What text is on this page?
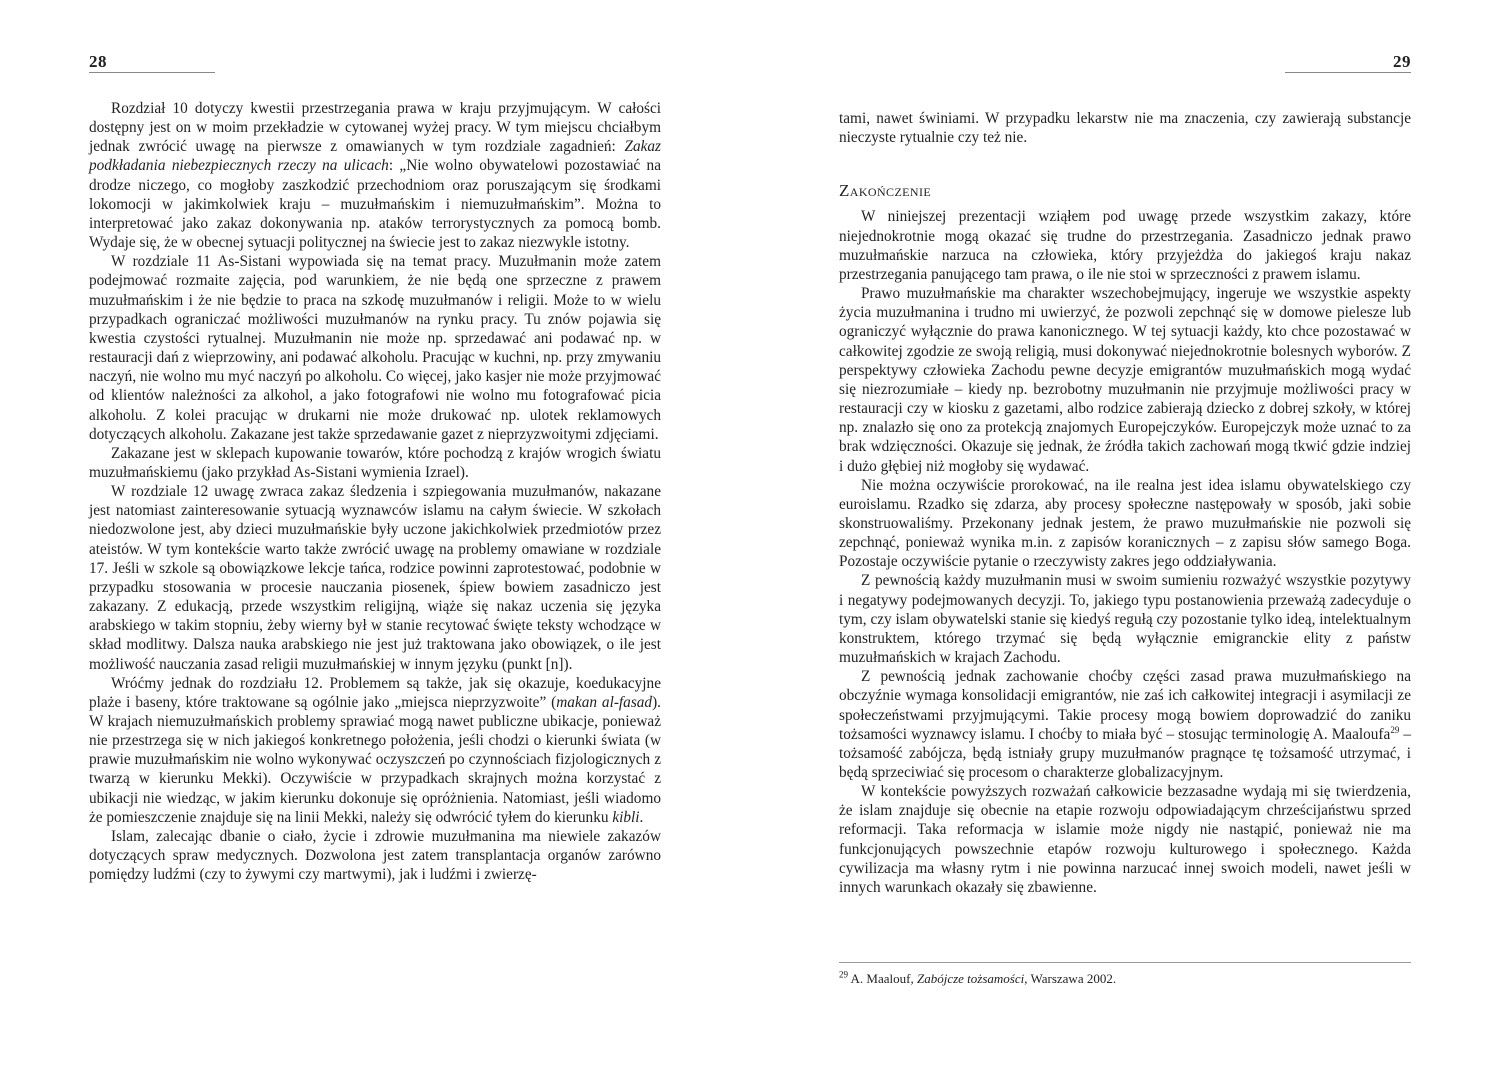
28

Rozdział 10 dotyczy kwestii przestrzegania prawa w kraju przyjmującym. W całości dostępny jest on w moim przekładzie w cytowanej wyżej pracy. W tym miejscu chciałbym jednak zwrócić uwagę na pierwsze z omawianych w tym rozdziale zagadnień: Zakaz podkładania niebezpiecznych rzeczy na ulicach: „Nie wolno obywatelowi pozostawiać na drodze niczego, co mogłoby zaszkodzić przechodniom oraz poruszającym się środkami lokomocji w jakimkolwiek kraju – muzułmańskim i niemuzułmańskim”. Można to interpretować jako zakaz dokonywania np. ataków terrorystycznych za pomocą bomb. Wydaje się, że w obecnej sytuacji politycznej na świecie jest to zakaz niezwykle istotny.

W rozdziale 11 As-Sistani wypowiada się na temat pracy. Muzułmanin może zatem podejmować rozmaite zajęcia, pod warunkiem, że nie będą one sprzeczne z prawem muzułmańskim i że nie będzie to praca na szkodę muzułmanów i religii. Może to w wielu przypadkach ograniczać możliwości muzułmanów na rynku pracy. Tu znów pojawia się kwestia czystości rytualnej. Muzułmanin nie może np. sprzedawać ani podawać np. w restauracji dań z wieprzowiny, ani podawać alkoholu. Pracując w kuchni, np. przy zmywaniu naczyń, nie wolno mu myć naczyń po alkoholu. Co więcej, jako kasjer nie może przyjmować od klientów należności za alkohol, a jako fotografowi nie wolno mu fotografować picia alkoholu. Z kolei pracując w drukarni nie może drukować np. ulotek reklamowych dotyczących alkoholu. Zakazane jest także sprzedawanie gazet z nieprzyzwoitymi zdjęciami.

Zakazane jest w sklepach kupowanie towarów, które pochodzą z krajów wrogich światu muzułmańskiemu (jako przykład As-Sistani wymienia Izrael).

W rozdziale 12 uwagę zwraca zakaz śledzenia i szpiegowania muzułmanów, nakazane jest natomiast zainteresowanie sytuacją wyznawców islamu na całym świecie. W szkołach niedozwolone jest, aby dzieci muzułmańskie były uczone jakichkolwiek przedmiotów przez ateistów. W tym kontekście warto także zwrócić uwagę na problemy omawiane w rozdziale 17. Jeśli w szkole są obowiązkowe lekcje tańca, rodzice powinni zaprotestować, podobnie w przypadku stosowania w procesie nauczania piosenek, śpiew bowiem zasadniczo jest zakazany. Z edukacją, przede wszystkim religijną, wiąże się nakaz uczenia się języka arabskiego w takim stopniu, żeby wierny był w stanie recytować święte teksty wchodzące w skład modlitwy. Dalsza nauka arabskiego nie jest już traktowana jako obowiązek, o ile jest możliwość nauczania zasad religii muzułmańskiej w innym języku (punkt [n]).

Wróćmy jednak do rozdziału 12. Problemem są także, jak się okazuje, koedukacyjne plaże i baseny, które traktowane są ogólnie jako „miejsca nieprzyzwoite” (makan al-fasad). W krajach niemuzułmańskich problemy sprawiać mogą nawet publiczne ubikacje, ponieważ nie przestrzega się w nich jakiegoś konkretnego położenia, jeśli chodzi o kierunki świata (w prawie muzułmańskim nie wolno wykonywać oczyszczeń po czynnościach fizjologicznych z twarzą w kierunku Mekki). Oczywiście w przypadkach skrajnych można korzystać z ubikacji nie wiedząc, w jakim kierunku dokonuje się opróżnienia. Natomiast, jeśli wiadomo że pomieszczenie znajduje się na linii Mekki, należy się odwrócić tyłem do kierunku kibli.

Islam, zalecając dbanie o ciało, życie i zdrowie muzułmanina ma niewiele zakazów dotyczących spraw medycznych. Dozwolona jest zatem transplantacja organów zarówno pomiędzy ludźmi (czy to żywymi czy martwymi), jak i ludźmi i zwierzę-

29

tami, nawet świniami. W przypadku lekarstw nie ma znaczenia, czy zawierają substancje nieczyste rytualnie czy też nie.

Zakończenie

W niniejszej prezentacji wziąłem pod uwagę przede wszystkim zakazy, które niejednokrotnie mogą okazać się trudne do przestrzegania. Zasadniczo jednak prawo muzułmańskie narzuca na człowieka, który przyjeżdża do jakiegoś kraju nakaz przestrzegania panującego tam prawa, o ile nie stoi w sprzeczności z prawem islamu.

Prawo muzułmańskie ma charakter wszechobejmujący, ingeruje we wszystkie aspekty życia muzułmanina i trudno mi uwierzyć, że pozwoli zepchnąć się w domowe pielesze lub ograniczyć wyłącznie do prawa kanonicznego. W tej sytuacji każdy, kto chce pozostawać w całkowitej zgodzie ze swoją religią, musi dokonywać niejednokrotnie bolesnych wyborów. Z perspektywy człowieka Zachodu pewne decyzje emigrantów muzułmańskich mogą wydać się niezrozumiałe – kiedy np. bezrobotny muzułmanin nie przyjmuje możliwości pracy w restauracji czy w kiosku z gazetami, albo rodzice zabierają dziecko z dobrej szkoły, w której np. znalazło się ono za protekcją znajomych Europejczyków. Europejczyk może uznać to za brak wdzięczności. Okazuje się jednak, że źródła takich zachowań mogą tkwić gdzie indziej i dużo głębiej niż mogłoby się wydawać.

Nie można oczywiście prorokować, na ile realna jest idea islamu obywatelskiego czy euroislamu. Rzadko się zdarza, aby procesy społeczne następowały w sposób, jaki sobie skonstruowaliśmy. Przekonany jednak jestem, że prawo muzułmańskie nie pozwoli się zepchnąć, ponieważ wynika m.in. z zapisów koranicznych – z zapisu słów samego Boga. Pozostaje oczywiście pytanie o rzeczywisty zakres jego oddziaływania.

Z pewnością każdy muzułmanin musi w swoim sumieniu rozważyć wszystkie pozytywy i negatywy podejmowanych decyzji. To, jakiego typu postanowienia przeważą zadecyduje o tym, czy islam obywatelski stanie się kiedyś regułą czy pozostanie tylko ideą, intelektualnym konstruktem, którego trzymać się będą wyłącznie emigranckie elity z państw muzułmańskich w krajach Zachodu.

Z pewnością jednak zachowanie choćby części zasad prawa muzułmańskiego na obczyźnie wymaga konsolidacji emigrantów, nie zaś ich całkowitej integracji i asymilacji ze społeczeństwami przyjmującymi. Takie procesy mogą bowiem doprowadzić do zaniku tożsamości wyznawcy islamu. I choćby to miała być – stosując terminologię A. Maaloufa$^{29}$ – tożsamość zabójcza, będą istniały grupy muzułmanów pragnące tę tożsamość utrzymać, i będą sprzeciwiać się procesom o charakterze globalizacyjnym.

W kontekście powyższych rozważań całkowicie bezzasadne wydają mi się twierdzenia, że islam znajduje się obecnie na etapie rozwoju odpowiadającym chrześcijaństwu sprzed reformacji. Taka reformacja w islamie może nigdy nie nastąpić, ponieważ nie ma funkcjonujących powszechnie etapów rozwoju kulturowego i społecznego. Każda cywilizacja ma własny rytm i nie powinna narzucać innej swoich modeli, nawet jeśli w innych warunkach okazały się zbawienne.

$^{29}$ A. Maalouf, Zabójcze tożsamości, Warszawa 2002.
